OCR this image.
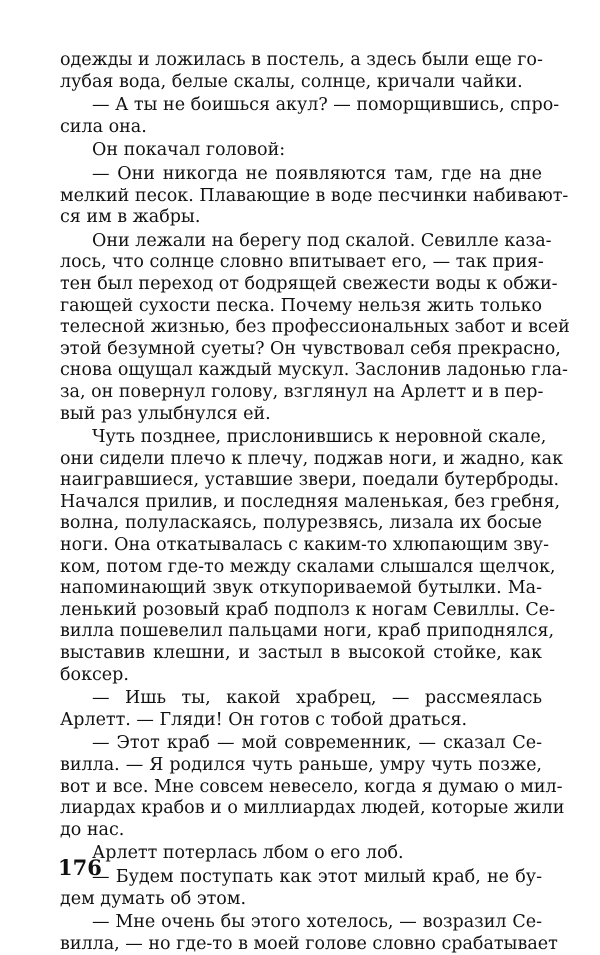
одежды и ложилась в постель, а здесь были еще го-
лубая вода, белые скалы, солнце, кричали чайки.
— А ты не боишься акул? — поморщившись, спро-
сила она.
Он покачал головой:
— Они никогда не появляются там, где на дне
мелкий песок. Плавающие в воде песчинки набивают-
ся им в жабры.
Они лежали на берегу под скалой. Севилле каза-
лось, что солнце словно впитывает его, — так прия-
тен был переход от бодрящей свежести воды к обжи-
гающей сухости песка. Почему нельзя жить только
телесной жизнью, без профессиональных забот и всей
этой безумной суеты? Он чувствовал себя прекрасно,
снова ощущал каждый мускул. Заслонив ладонью гла-
за, он повернул голову, взглянул на Арлетт и в пер-
вый раз улыбнулся ей.
Чуть позднее, прислонившись к неровной скале,
они сидели плечо к плечу, поджав ноги, и жадно, как
наигравшиеся, уставшие звери, поедали бутерброды.
Начался прилив, и последняя маленькая, без гребня,
волна, полуласкаясь, полурезвясь, лизала их босые
ноги. Она откатывалась с каким-то хлюпающим зву-
ком, потом где-то между скалами слышался щелчок,
напоминающий звук откупориваемой бутылки. Ма-
ленький розовый краб подполз к ногам Севиллы. Се-
вилла пошевелил пальцами ноги, краб приподнялся,
выставив клешни, и застыл в высокой стойке, как
боксер.
— Ишь ты, какой храбрец, — рассмеялась
Арлетт. — Гляди! Он готов с тобой драться.
— Этот краб — мой современник, — сказал Се-
вилла. — Я родился чуть раньше, умру чуть позже,
вот и все. Мне совсем невесело, когда я думаю о мил-
лиардах крабов и о миллиардах людей, которые жили
до нас.
Арлетт потерлась лбом о его лоб.
— Будем поступать как этот милый краб, не бу-
дем думать об этом.
— Мне очень бы этого хотелось, — возразил Се-
вилла, — но где-то в моей голове словно срабатывает
176
